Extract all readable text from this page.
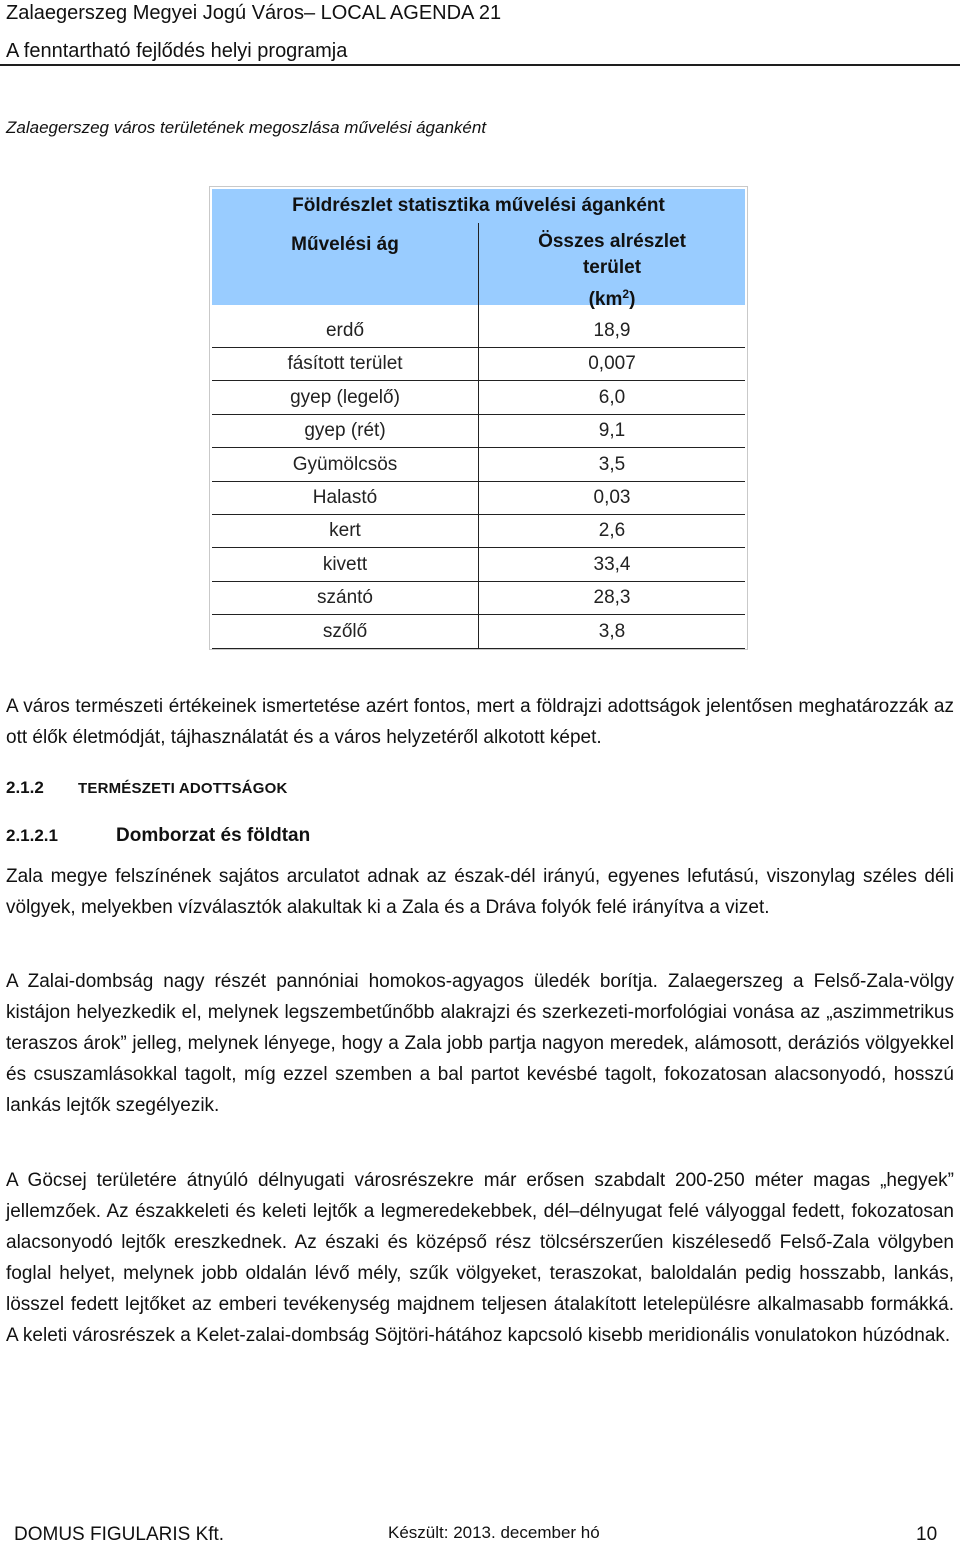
Zalaegerszeg Megyei Jogú Város– LOCAL AGENDA 21
A fenntartható fejlődés helyi programja
Zalaegerszeg város területének megoszlása művelési áganként
Földrészlet statisztika művelési áganként
Művelési ág	Összes alrészlet
terület
$(km^2)$
erdő	18,9
fásított terület	0,007
gyep (legelő)	6,0
gyep (rét)	9,1
Gyümölcsös	3,5
Halastó	0,03
kert	2,6
kivett	33,4
szántó	28,3
szőlő	3,8
A város természeti értékeinek ismertetése azért fontos, mert a földrajzi adottságok jelentősen meghatározzák az ott élők életmódját, tájhasználatát és a város helyzetéről alkotott képet.
2.1.2 TERMÉSZETI ADOTTSÁGOK
2.1.2.1	Domborzat és földtan
Zala megye felszínének sajátos arculatot adnak az észak-dél irányú, egyenes lefutású, viszonylag széles déli völgyek, melyekben vízválasztók alakultak ki a Zala és a Dráva folyók felé irányítva a vizet.
A Zalai-dombság nagy részét pannóniai homokos-agyagos üledék borítja. Zalaegerszeg a Felső-Zala-völgy kistájon helyezkedik el, melynek legszembetűnőbb alakrajzi és szerkezeti-morfológiai vonása az „aszimmetrikus teraszos árok” jelleg, melynek lényege, hogy a Zala jobb partja nagyon meredek, alámosott, deráziós völgyekkel és csuszamlásokkal tagolt, míg ezzel szemben a bal partot kevésbé tagolt, fokozatosan alacsonyodó, hosszú lankás lejtők szegélyezik.
A Göcsej területére átnyúló délnyugati városrészekre már erősen szabdalt 200-250 méter magas „hegyek” jellemzőek. Az északkeleti és keleti lejtők a legmeredekebbek, dél–délnyugat felé vályoggal fedett, fokozatosan alacsonyodó lejtők ereszkednek. Az északi és középső rész tölcsérszerűen kiszélesedő Felső-Zala völgyben foglal helyet, melynek jobb oldalán lévő mély, szűk völgyeket, teraszokat, baloldalán pedig hosszabb, lankás, lösszel fedett lejtőket az emberi tevékenység majdnem teljesen átalakított letelepülésre alkalmasabb formákká. A keleti városrészek a Kelet-zalai-dombság Söjtöri-hátához kapcsoló kisebb meridionális vonulatokon húzódnak.
DOMUS FIGULARIS Kft.	Készült: 2013. december hó	10
